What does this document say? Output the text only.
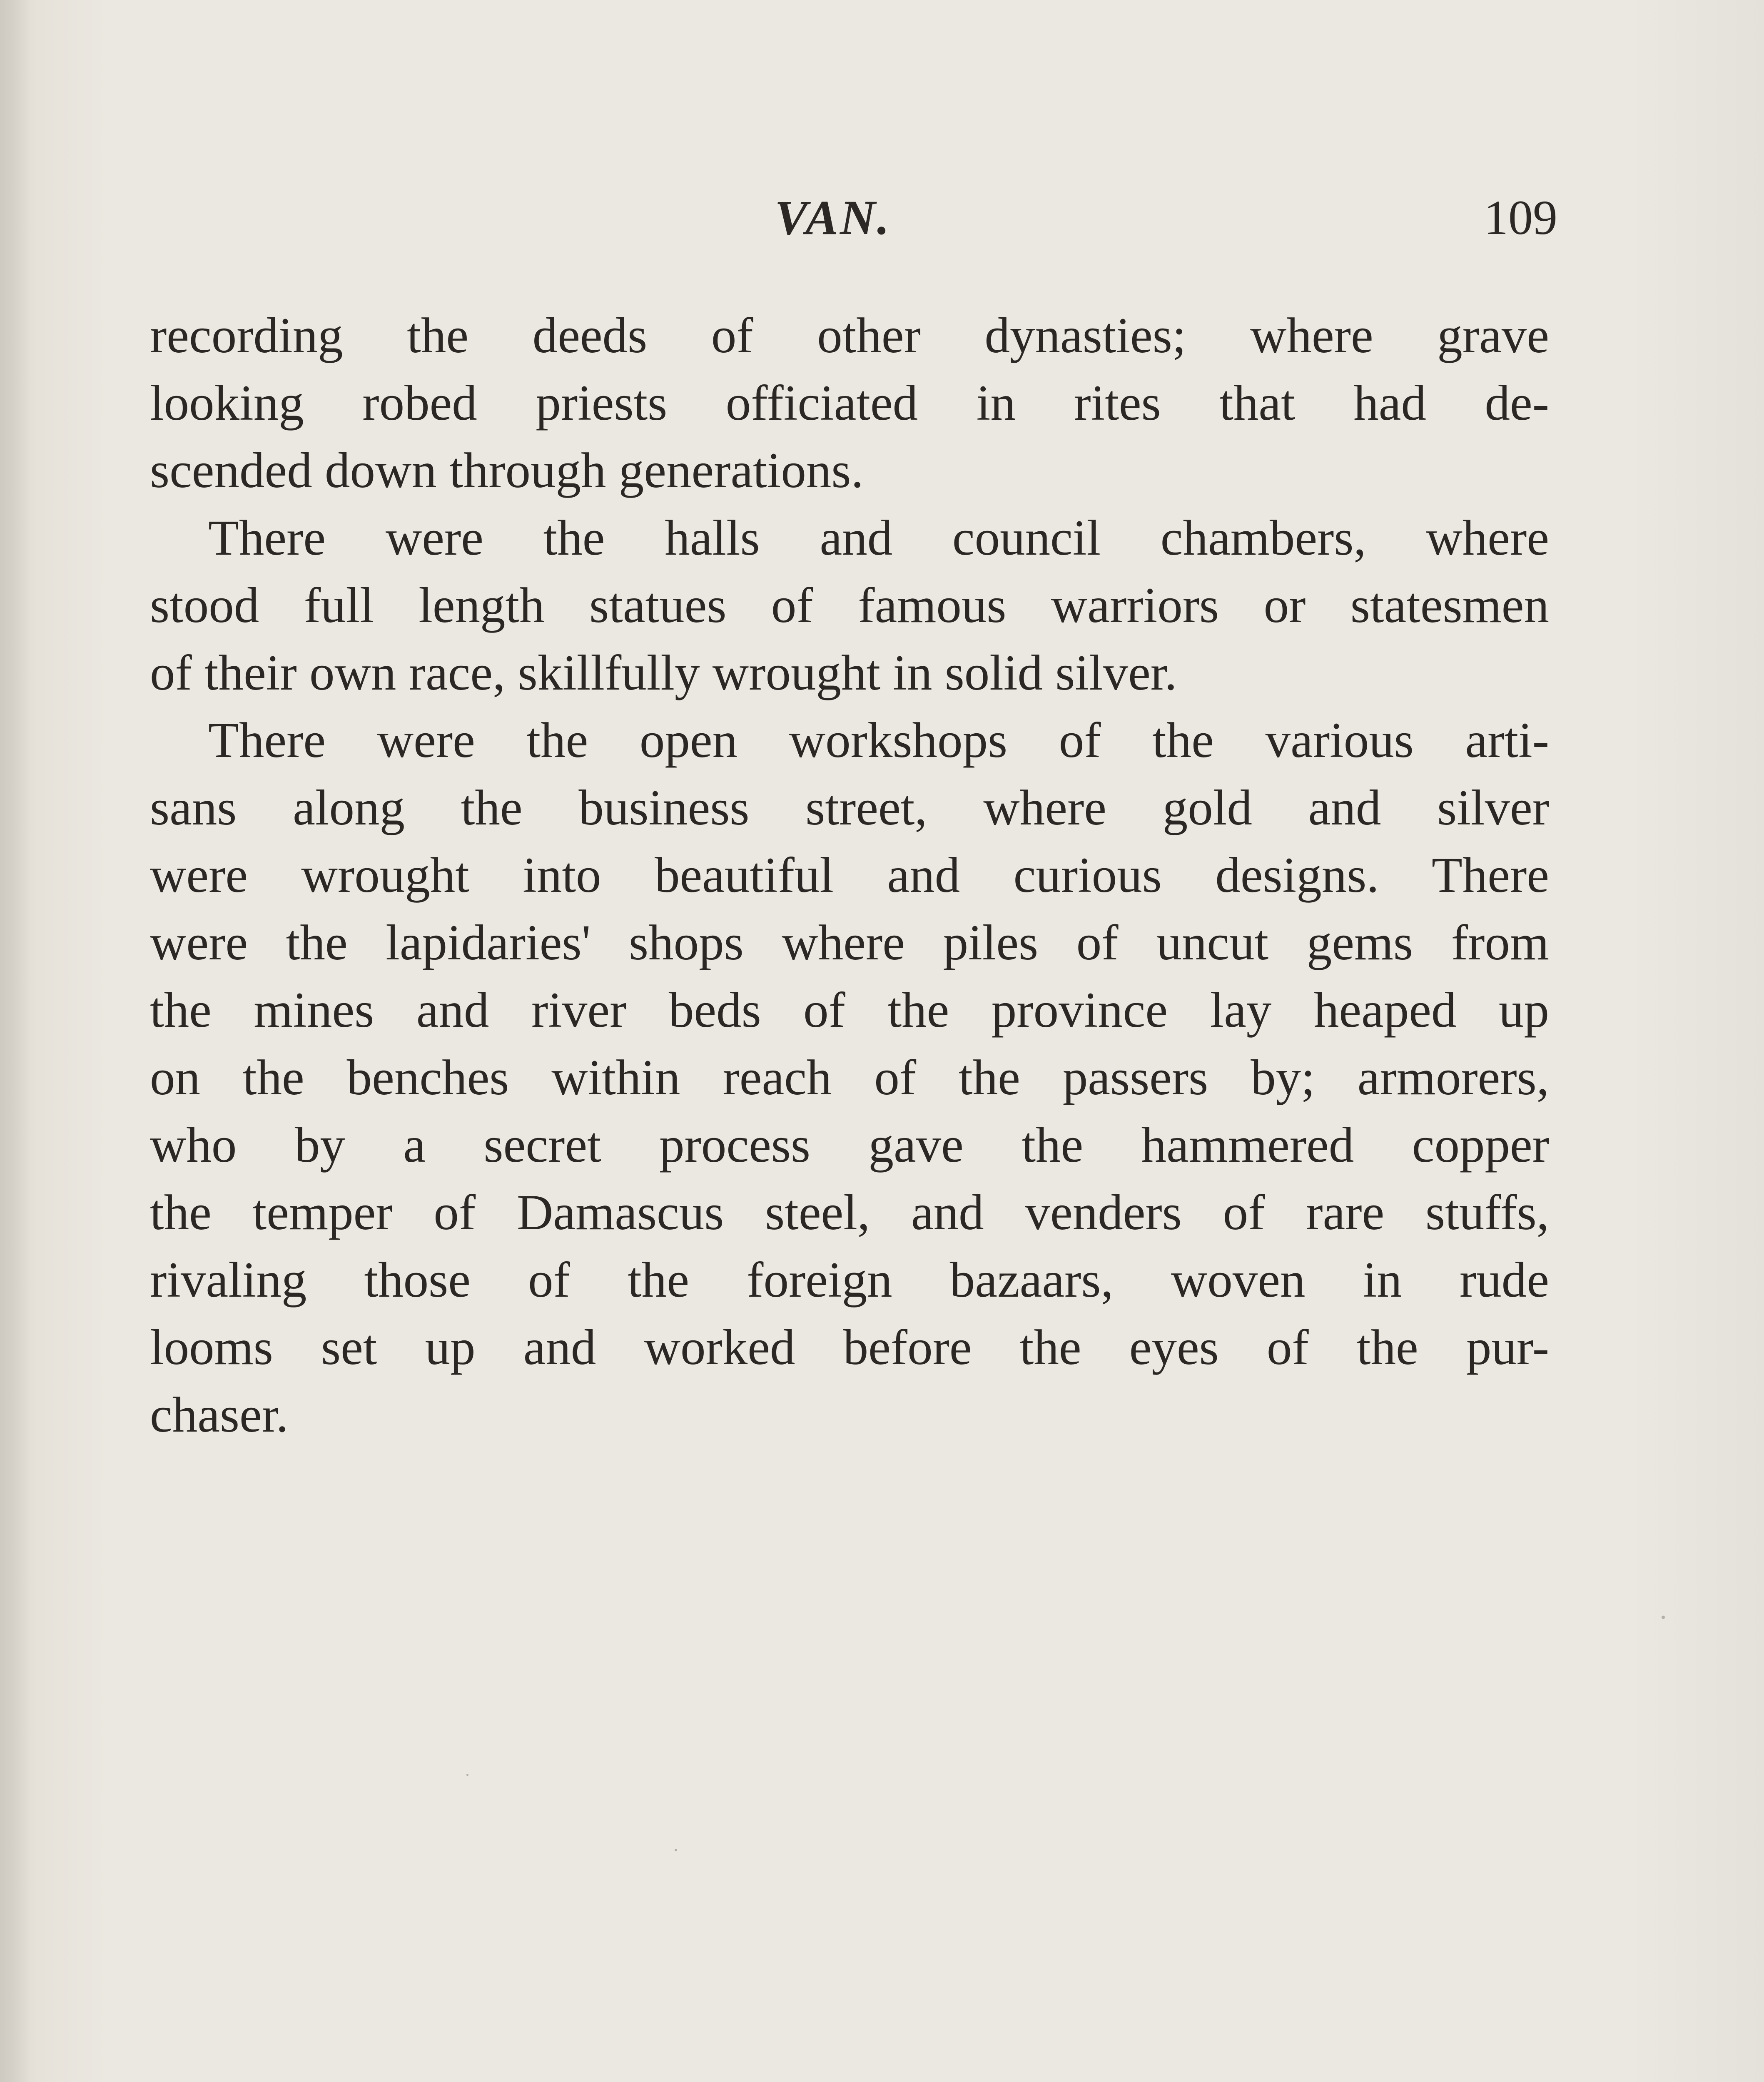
VAN.	109
recording the deeds of other dynasties; where grave
looking robed priests officiated in rites that had de-
scended down through generations.
There were the halls and council chambers, where
stood full length statues of famous warriors or statesmen
of their own race, skillfully wrought in solid silver.
There were the open workshops of the various arti-
sans along the business street, where gold and silver
were wrought into beautiful and curious designs. There
were the lapidaries' shops where piles of uncut gems from
the mines and river beds of the province lay heaped up
on the benches within reach of the passers by; armorers,
who by a secret process gave the hammered copper
the temper of Damascus steel, and venders of rare stuffs,
rivaling those of the foreign bazaars, woven in rude
looms set up and worked before the eyes of the pur-
chaser.
